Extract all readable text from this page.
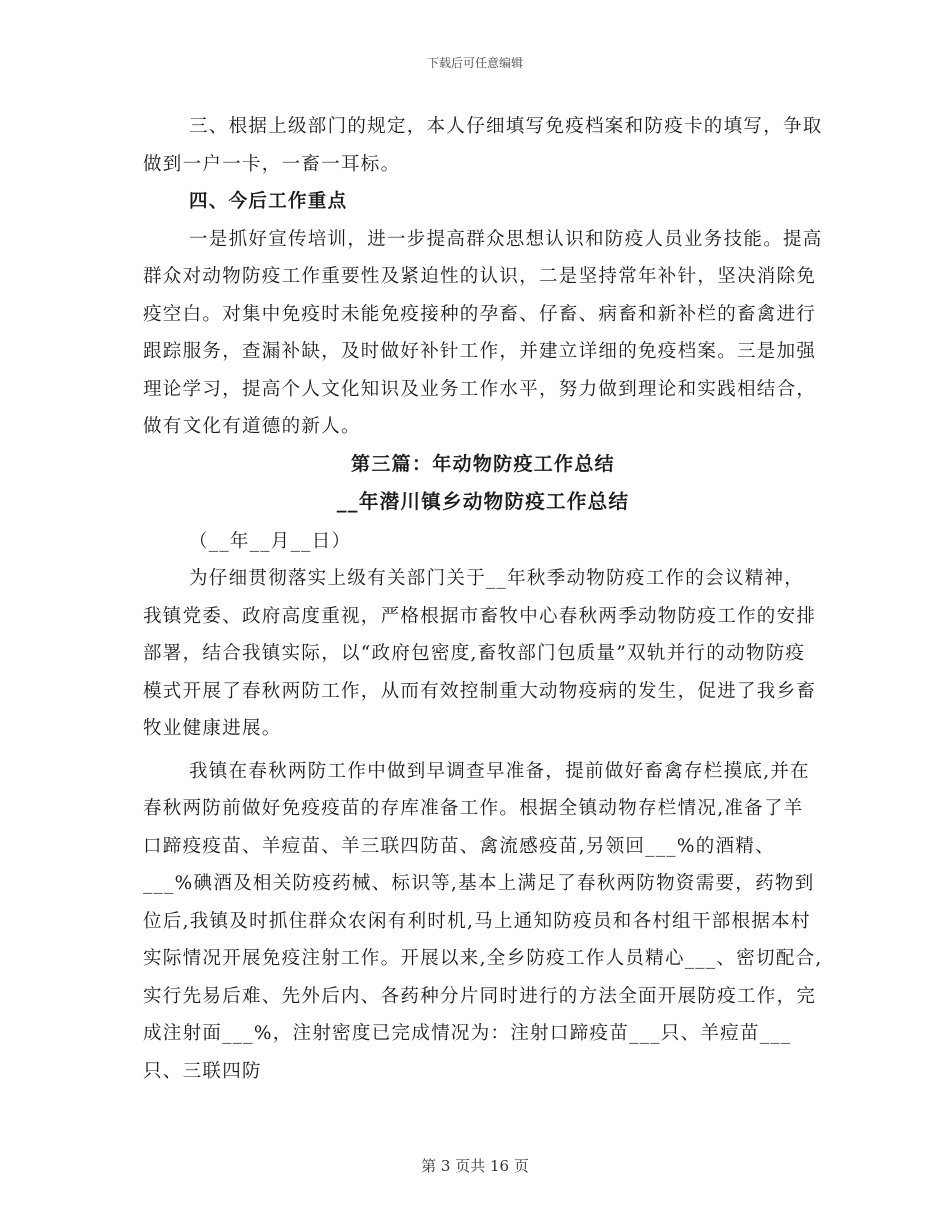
下载后可任意编辑

三、根据上级部门的规定，本人仔细填写免疫档案和防疫卡的填写，争取做到一户一卡，一畜一耳标。

四、今后工作重点

一是抓好宣传培训，进一步提高群众思想认识和防疫人员业务技能。提高群众对动物防疫工作重要性及紧迫性的认识，二是坚持常年补针，坚决消除免疫空白。对集中免疫时未能免疫接种的孕畜、仔畜、病畜和新补栏的畜禽进行跟踪服务，查漏补缺，及时做好补针工作，并建立详细的免疫档案。三是加强理论学习，提高个人文化知识及业务工作水平，努力做到理论和实践相结合，做有文化有道德的新人。

第三篇：年动物防疫工作总结

__年潜川镇乡动物防疫工作总结

（__年__月__日）

为仔细贯彻落实上级有关部门关于__年秋季动物防疫工作的会议精神，我镇党委、政府高度重视，严格根据市畜牧中心春秋两季动物防疫工作的安排部署，结合我镇实际，以“政府包密度,畜牧部门包质量”双轨并行的动物防疫模式开展了春秋两防工作，从而有效控制重大动物疫病的发生，促进了我乡畜牧业健康进展。

我镇在春秋两防工作中做到早调查早准备，提前做好畜禽存栏摸底,并在春秋两防前做好免疫疫苗的存库准备工作。根据全镇动物存栏情况,准备了羊口蹄疫疫苗、羊痘苗、羊三联四防苗、禽流感疫苗,另领回___%的酒精、___%碘酒及相关防疫药械、标识等,基本上满足了春秋两防物资需要，药物到位后,我镇及时抓住群众农闲有利时机,马上通知防疫员和各村组干部根据本村实际情况开展免疫注射工作。开展以来,全乡防疫工作人员精心___、密切配合,实行先易后难、先外后内、各药种分片同时进行的方法全面开展防疫工作，完成注射面___%，注射密度已完成情况为：注射口蹄疫苗___只、羊痘苗___只、三联四防

第 3 页共 16 页
